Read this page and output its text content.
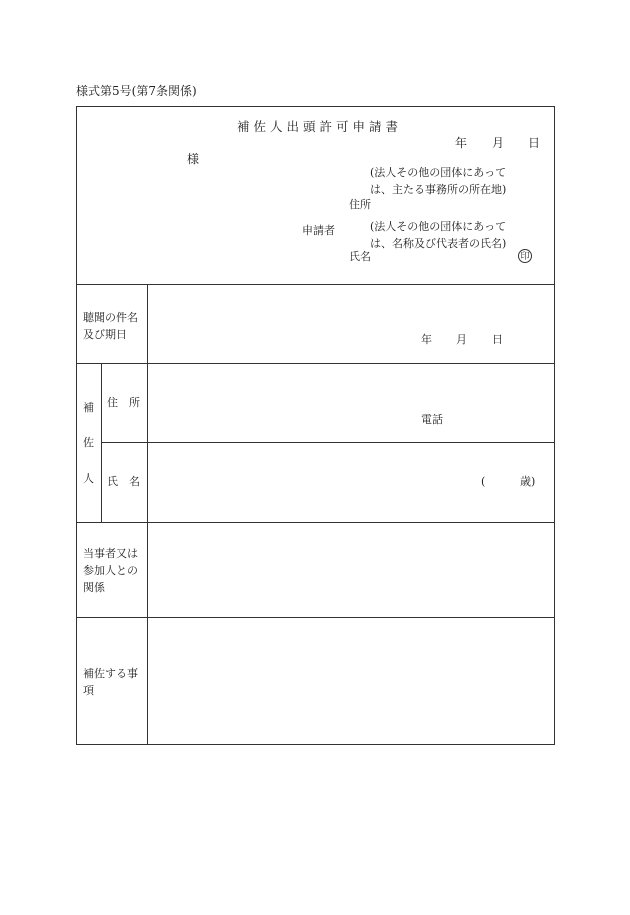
様式第5号(第7条関係)
補佐人出頭許可申請書
年 月 日
様
(法人その他の団体にあって
は、主たる事務所の所在地)
住所
申請者	(法人その他の団体にあって
は、名称及び代表者の氏名)
氏名	印
聴聞の件名
及び期日	年 月 日
補
佐
人
住　所
電話
氏　名	(	歳)
当事者又は
参加人との
関係
補佐する事
項
